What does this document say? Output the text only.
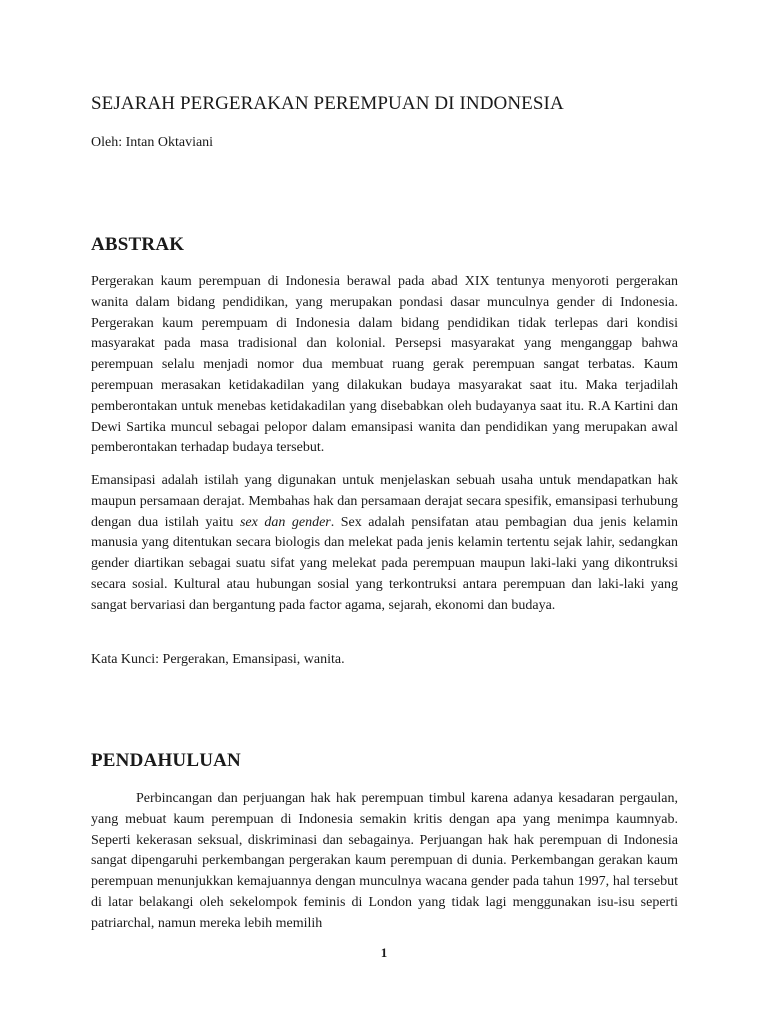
SEJARAH PERGERAKAN PEREMPUAN DI INDONESIA

Oleh: Intan Oktaviani

ABSTRAK

Pergerakan kaum perempuan di Indonesia berawal pada abad XIX tentunya menyoroti pergerakan wanita dalam bidang pendidikan, yang merupakan pondasi dasar munculnya gender di Indonesia. Pergerakan kaum perempuam di Indonesia dalam bidang pendidikan tidak terlepas dari kondisi masyarakat pada masa tradisional dan kolonial. Persepsi masyarakat yang menganggap bahwa perempuan selalu menjadi nomor dua membuat ruang gerak perempuan sangat terbatas. Kaum perempuan merasakan ketidakadilan yang dilakukan budaya masyarakat saat itu. Maka terjadilah pemberontakan untuk menebas ketidakadilan yang disebabkan oleh budayanya saat itu. R.A Kartini dan Dewi Sartika muncul sebagai pelopor dalam emansipasi wanita dan pendidikan yang merupakan awal pemberontakan terhadap budaya tersebut.

Emansipasi adalah istilah yang digunakan untuk menjelaskan sebuah usaha untuk mendapatkan hak maupun persamaan derajat. Membahas hak dan persamaan derajat secara spesifik, emansipasi terhubung dengan dua istilah yaitu sex dan gender. Sex adalah pensifatan atau pembagian dua jenis kelamin manusia yang ditentukan secara biologis dan melekat pada jenis kelamin tertentu sejak lahir, sedangkan gender diartikan sebagai suatu sifat yang melekat pada perempuan maupun laki-laki yang dikontruksi secara sosial. Kultural atau hubungan sosial yang terkontruksi antara perempuan dan laki-laki yang sangat bervariasi dan bergantung pada factor agama, sejarah, ekonomi dan budaya.

Kata Kunci: Pergerakan, Emansipasi, wanita.

PENDAHULUAN

Perbincangan dan perjuangan hak hak perempuan timbul karena adanya kesadaran pergaulan, yang mebuat kaum perempuan di Indonesia semakin kritis dengan apa yang menimpa kaumnyab. Seperti kekerasan seksual, diskriminasi dan sebagainya. Perjuangan hak hak perempuan di Indonesia sangat dipengaruhi perkembangan pergerakan kaum perempuan di dunia. Perkembangan gerakan kaum perempuan menunjukkan kemajuannya dengan munculnya wacana gender pada tahun 1997, hal tersebut di latar belakangi oleh sekelompok feminis di London yang tidak lagi menggunakan isu-isu seperti patriarchal, namun mereka lebih memilih

1
